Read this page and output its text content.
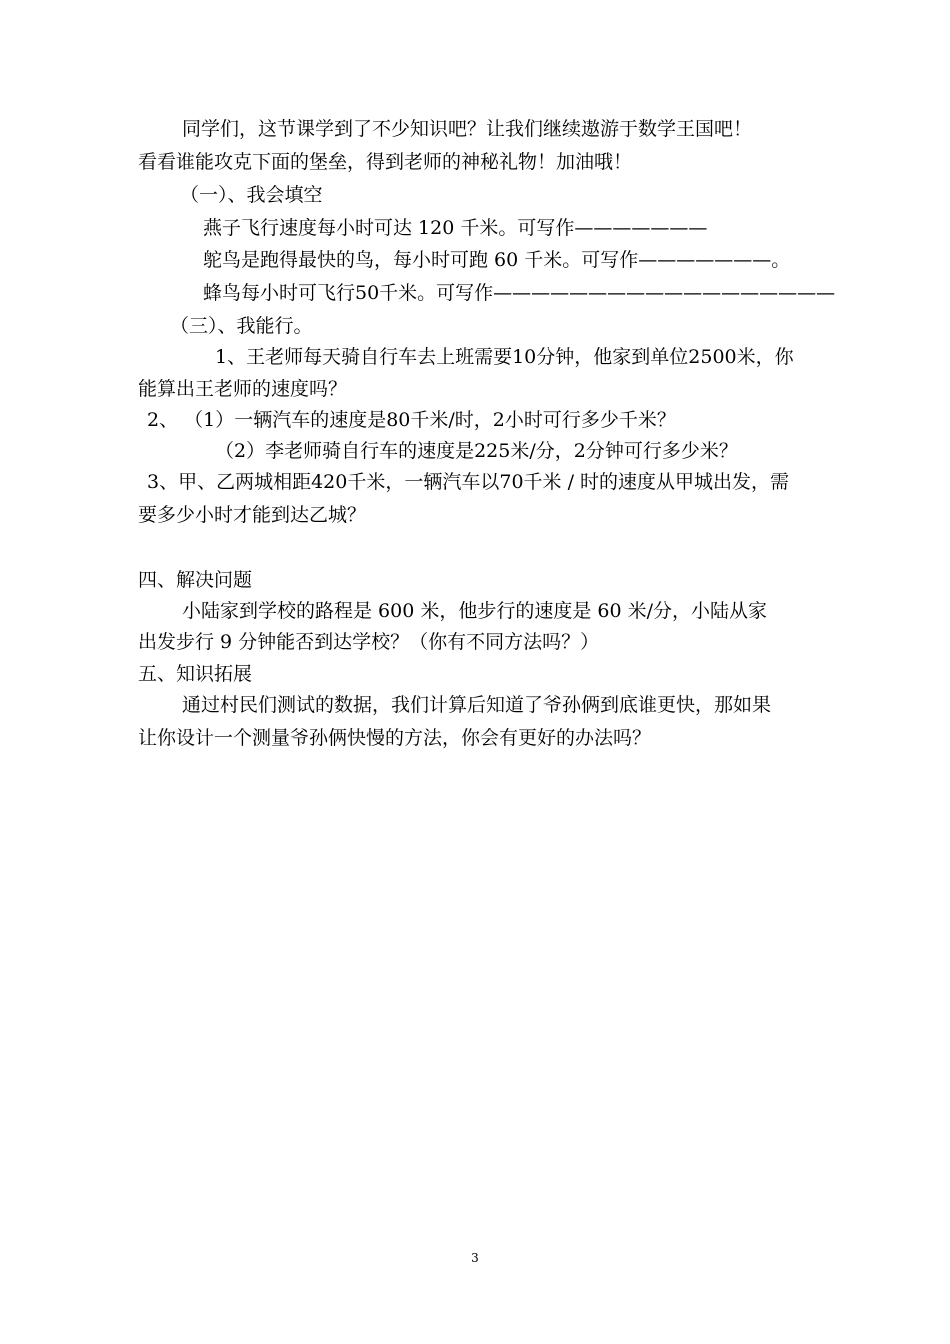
同学们，这节课学到了不少知识吧？让我们继续遨游于数学王国吧！
看看谁能攻克下面的堡垒，得到老师的神秘礼物！加油哦！
（一）、我会填空
燕子飞行速度每小时可达 120 千米。可写作———————
鸵鸟是跑得最快的鸟，每小时可跑 60 千米。可写作———————。
蜂鸟每小时可飞行50千米。可写作——————————————————
（三）、我能行。
1、王老师每天骑自行车去上班需要10分钟，他家到单位2500米，你
能算出王老师的速度吗？
2、 （1）一辆汽车的速度是80千米/时，2小时可行多少千米？
（2）李老师骑自行车的速度是225米/分，2分钟可行多少米？
3、甲、乙两城相距420千米，一辆汽车以70千米 / 时的速度从甲城出发，需
要多少小时才能到达乙城？
四、解决问题
小陆家到学校的路程是 600 米，他步行的速度是 60 米/分，小陆从家
出发步行 9 分钟能否到达学校？（你有不同方法吗？）
五、知识拓展
通过村民们测试的数据，我们计算后知道了爷孙俩到底谁更快，那如果
让你设计一个测量爷孙俩快慢的方法，你会有更好的办法吗？
3
